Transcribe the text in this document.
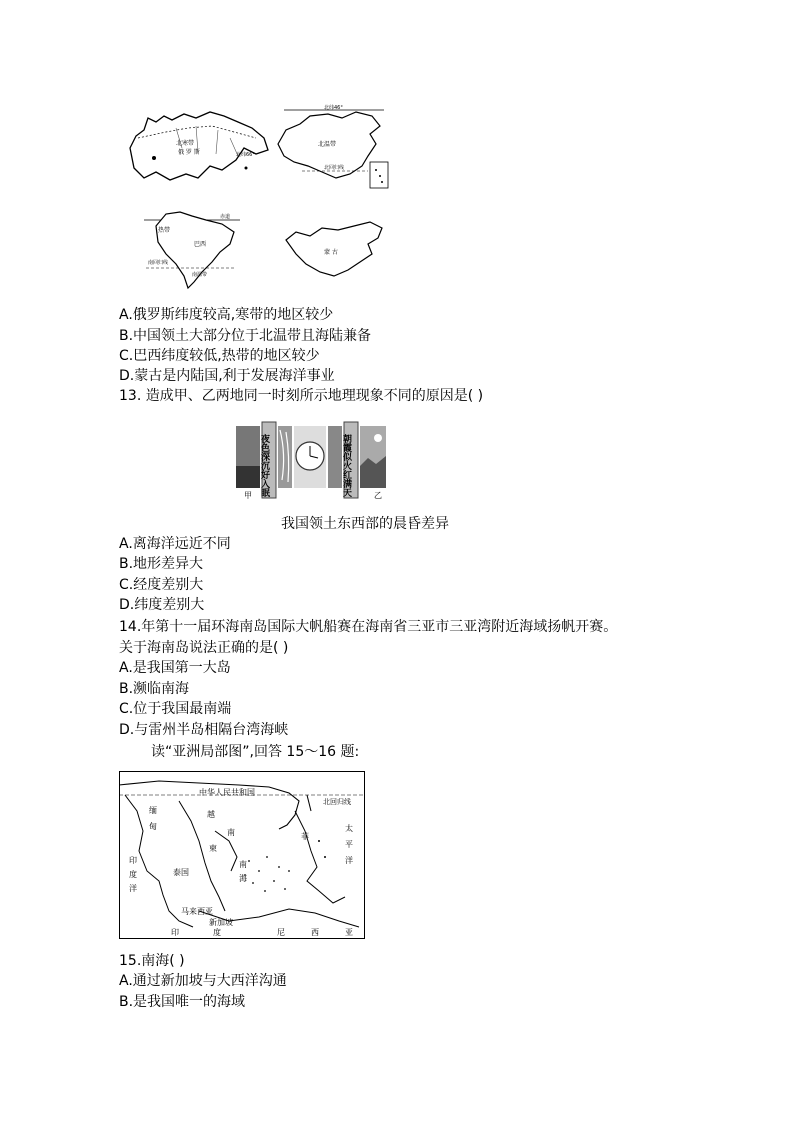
北寒带
俄 罗 斯	北纬66°
北纬46°
北温带
北回归线
赤道
热带
巴西
南回归线
南温带
蒙 古
A.俄罗斯纬度较高,寒带的地区较少
B.中国领土大部分位于北温带且海陆兼备
C.巴西纬度较低,热带的地区较少
D.蒙古是内陆国,利于发展海洋事业
13. 造成甲、乙两地同一时刻所示地理现象不同的原因是( )
夜色深沉好入眠	朝霞似火红满天
甲	乙
我国领土东西部的晨昏差异
A.离海洋远近不同
B.地形差异大
C.经度差别大
D.纬度差别大
14.年第十一届环海南岛国际大帆船赛在海南省三亚市三亚湾附近海域扬帆开赛。
关于海南岛说法正确的是( )
A.是我国第一大岛
B.濒临南海
C.位于我国最南端
D.与雷州半岛相隔台湾海峡
读“亚洲局部图”,回答 15～16 题:
中华人民共和国
北回归线
缅
甸
越
南
泰国
柬
南
海
印
度
洋
菲
太
平
洋
马来西亚
新加坡
印	度	尼	西	亚
15.南海( )
A.通过新加坡与大西洋沟通
B.是我国唯一的海域
